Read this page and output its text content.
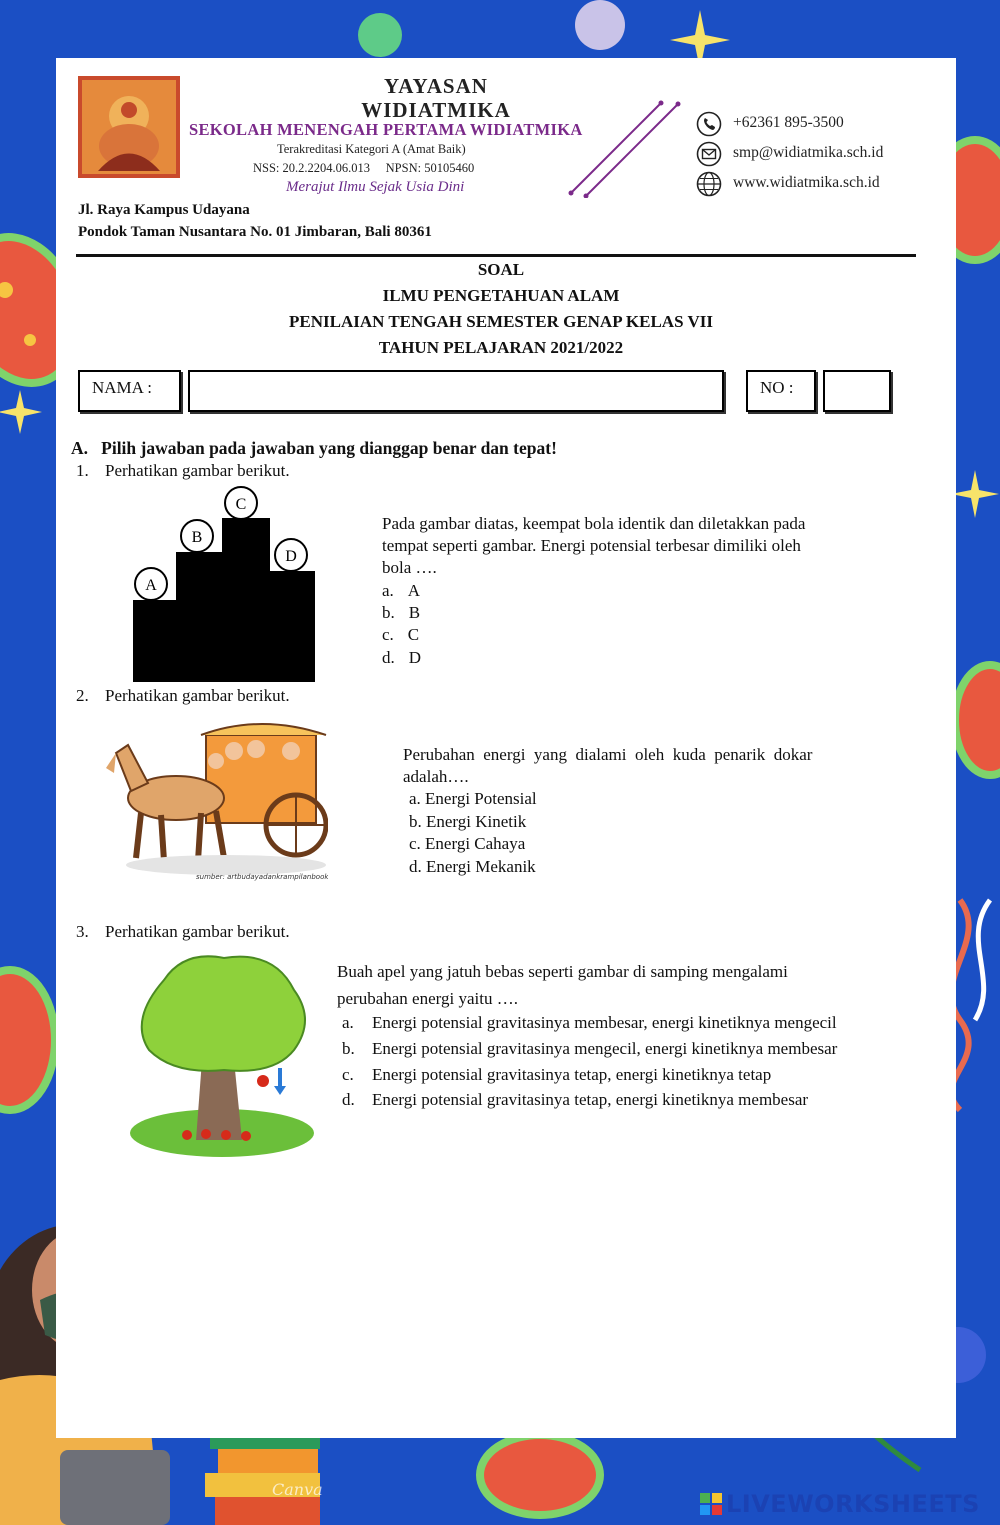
YAYASAN
WIDIATMIKA
SEKOLAH MENENGAH PERTAMA WIDIATMIKA
Terakreditasi Kategori A (Amat Baik)
NSS: 20.2.2204.06.013     NPSN: 50105460
Merajut Ilmu Sejak Usia Dini
+62361 895-3500
smp@widiatmika.sch.id
www.widiatmika.sch.id
Jl. Raya Kampus Udayana
Pondok Taman Nusantara No. 01 Jimbaran, Bali 80361
SOAL
ILMU PENGETAHUAN ALAM
PENILAIAN TENGAH SEMESTER GENAP KELAS VII
TAHUN PELAJARAN 2021/2022
NAMA :	NO :
A.   Pilih jawaban pada jawaban yang dianggap benar dan tepat!
1. Perhatikan gambar berikut.
A
B
C
D
Pada gambar diatas, keempat bola identik dan diletakkan pada
tempat seperti gambar. Energi potensial terbesar dimiliki oleh
bola ….
a. A
b. B
c. C
d. D
2. Perhatikan gambar berikut.
sumber: artbudayadankrampilanbook
Perubahan  energi  yang  dialami  oleh  kuda  penarik  dokar
adalah….
a. Energi Potensial
b. Energi Kinetik
c. Energi Cahaya
d. Energi Mekanik
3. Perhatikan gambar berikut.
Buah apel yang jatuh bebas seperti gambar di samping mengalami
perubahan energi yaitu ….
a. Energi potensial gravitasinya membesar, energi kinetiknya mengecil
b. Energi potensial gravitasinya mengecil, energi kinetiknya membesar
c. Energi potensial gravitasinya tetap, energi kinetiknya tetap
d. Energi potensial gravitasinya tetap, energi kinetiknya membesar
Canva
LIVEWORKSHEETS
